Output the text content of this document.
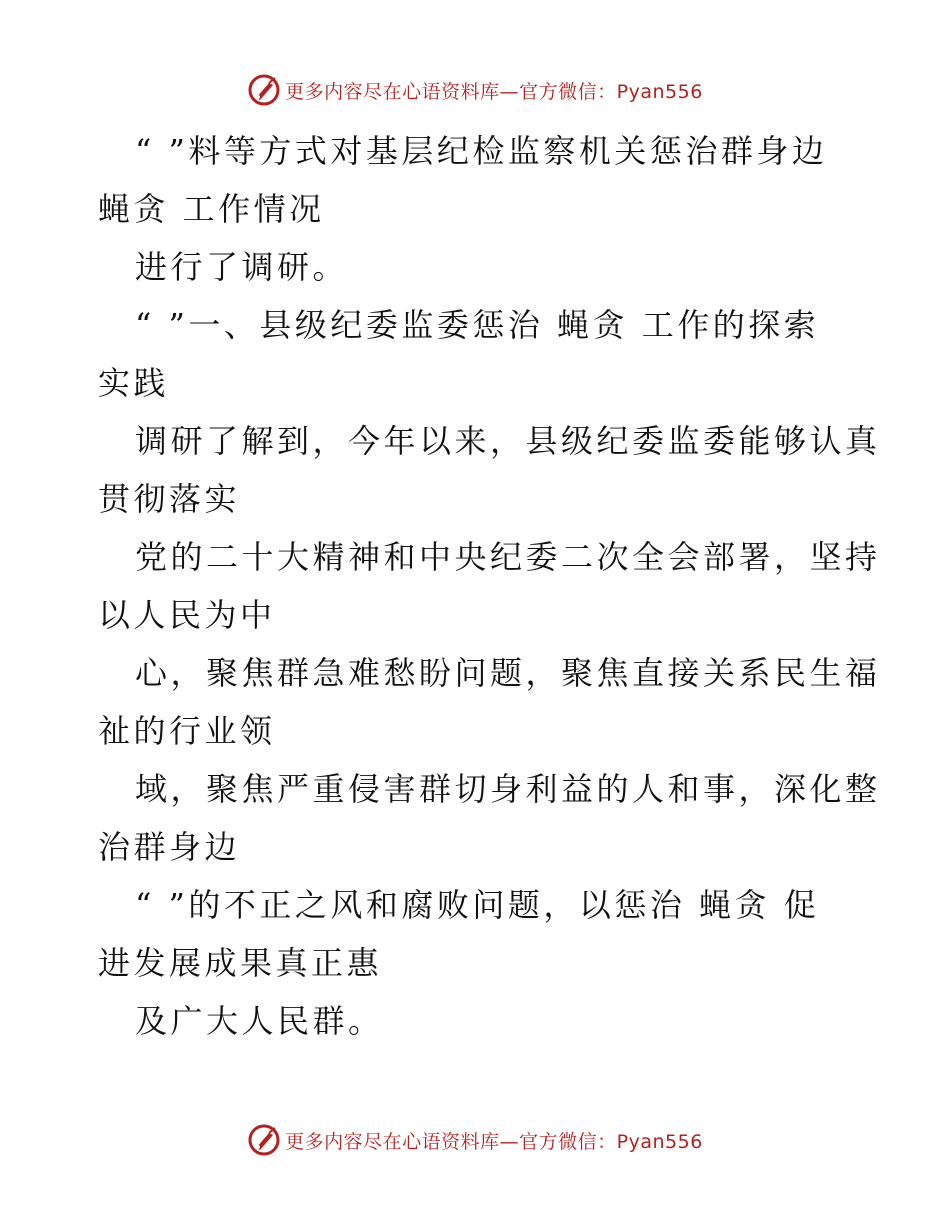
更多内容尽在心语资料库—官方微信：Pyan556
“ ”料等方式对基层纪检监察机关惩治群身边
蝇贪 工作情况
进行了调研。
“ ”一、县级纪委监委惩治 蝇贪 工作的探索
实践
调研了解到，今年以来，县级纪委监委能够认真
贯彻落实
党的二十大精神和中央纪委二次全会部署，坚持
以人民为中
心，聚焦群急难愁盼问题，聚焦直接关系民生福
祉的行业领
域，聚焦严重侵害群切身利益的人和事，深化整
治群身边
“ ”的不正之风和腐败问题，以惩治 蝇贪 促
进发展成果真正惠
及广大人民群。
更多内容尽在心语资料库—官方微信：Pyan556
